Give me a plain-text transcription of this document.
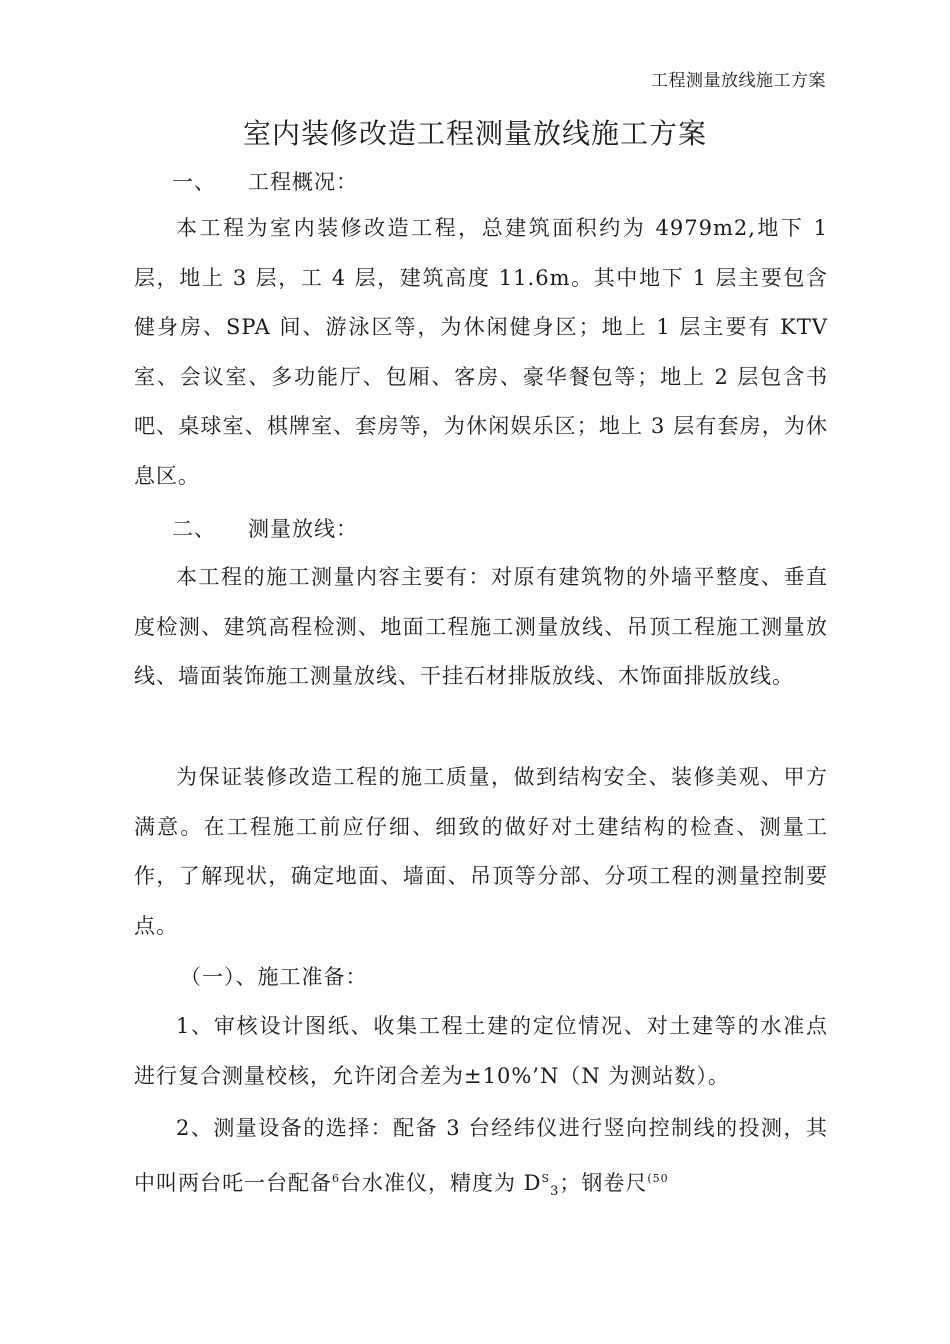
工程测量放线施工方案
室内装修改造工程测量放线施工方案
一、 工程概况：

本工程为室内装修改造工程，总建筑面积约为 4979m2,地下 1 层，地上 3 层，工 4 层，建筑高度 11.6m。其中地下 1 层主要包含健身房、SPA 间、游泳区等，为休闲健身区；地上 1 层主要有 KTV 室、会议室、多功能厅、包厢、客房、豪华餐包等；地上 2 层包含书吧、桌球室、棋牌室、套房等，为休闲娱乐区；地上 3 层有套房，为休息区。

二、 测量放线：

本工程的施工测量内容主要有：对原有建筑物的外墙平整度、垂直度检测、建筑高程检测、地面工程施工测量放线、吊顶工程施工测量放线、墙面装饰施工测量放线、干挂石材排版放线、木饰面排版放线。

为保证装修改造工程的施工质量，做到结构安全、装修美观、甲方满意。在工程施工前应仔细、细致的做好对土建结构的检查、测量工作，了解现状，确定地面、墙面、吊顶等分部、分项工程的测量控制要点。

（一）、施工准备：

1、审核设计图纸、收集工程土建的定位情况、对土建等的水准点进行复合测量校核，允许闭合差为±10%’N（N 为测站数）。

2、测量设备的选择：配备 3 台经纬仪进行竖向控制线的投测，其中叫两台吒一台配备$^6$台水准仪，精度为 $D^S_3$；钢卷尺$^{(50}$
